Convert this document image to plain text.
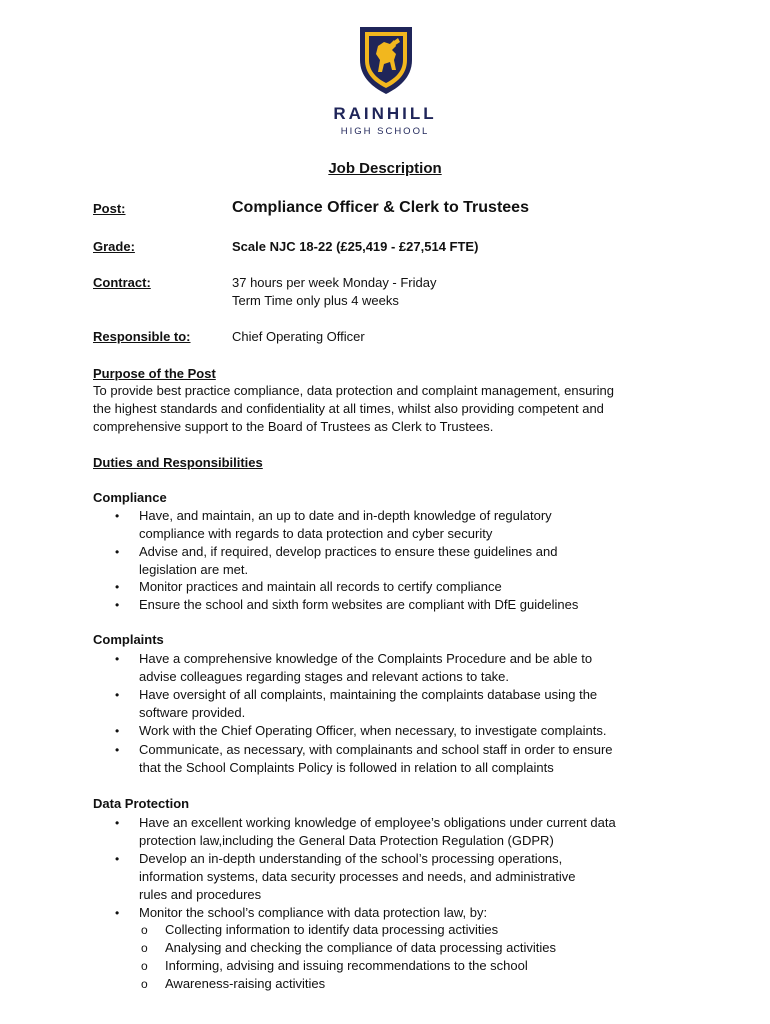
RAINHILL
HIGH SCHOOL
Job Description
Post:	Compliance Officer & Clerk to Trustees
Grade:	Scale NJC 18-22 (£25,419 - £27,514 FTE)
Contract:	37 hours per week Monday - Friday
Term Time only plus 4 weeks
Responsible to:	Chief Operating Officer
Purpose of the Post
To provide best practice compliance, data protection and complaint management, ensuring
the highest standards and confidentiality at all times, whilst also providing competent and
comprehensive support to the Board of Trustees as Clerk to Trustees.
Duties and Responsibilities
Compliance
• Have, and maintain, an up to date and in-depth knowledge of regulatory
compliance with regards to data protection and cyber security
• Advise and, if required, develop practices to ensure these guidelines and
legislation are met.
• Monitor practices and maintain all records to certify compliance
• Ensure the school and sixth form websites are compliant with DfE guidelines
Complaints
• Have a comprehensive knowledge of the Complaints Procedure and be able to
advise colleagues regarding stages and relevant actions to take.
• Have oversight of all complaints, maintaining the complaints database using the
software provided.
• Work with the Chief Operating Officer, when necessary, to investigate complaints.
• Communicate, as necessary, with complainants and school staff in order to ensure
that the School Complaints Policy is followed in relation to all complaints
Data Protection
• Have an excellent working knowledge of employee’s obligations under current data
protection law,including the General Data Protection Regulation (GDPR)
• Develop an in-depth understanding of the school’s processing operations,
information systems, data security processes and needs, and administrative
rules and procedures
• Monitor the school’s compliance with data protection law, by:
o Collecting information to identify data processing activities
o Analysing and checking the compliance of data processing activities
o Informing, advising and issuing recommendations to the school
o Awareness-raising activities
